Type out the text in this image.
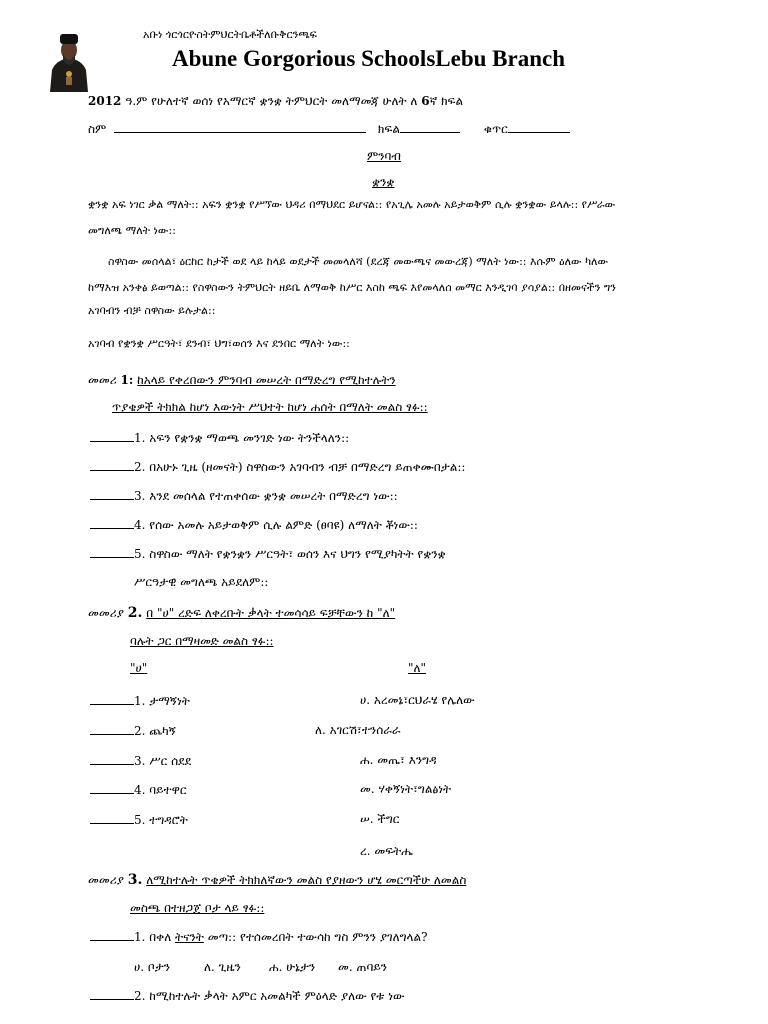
አቡነ ጎርጎርዮስትምህርትቤቶችለቡቅርንጫፍ
Abune Gorgorious SchoolsLebu Branch
2012 ዓ.ም የሁለተኛ ወሰነ የአማርኛ ቋንቋ ትምህርት መለማመጃ ሁለት ለ 6ኛ ክፍል
ስም	ክፍል	ቁጥር
ምንባብ
ቋንቋ
ቋንቋ አፍ ነገር ቃል ማለት:: አፍን ቋንቋ የሥኘው ህዳሪ በማህደር ይሆናል:: የአጊሌ አመሉ አይታወቅም ሲሉ ቋንቋው ይላሉ:: የሥራው
መግለጫ ማለት ነው::
ስዋስው መሰላል፣ ዕርከር ከታች ወደ ላይ ከላይ ወደታች መመላለሻ (ደረጃ መውጫና መውረጃ) ማለት ነው:: እሱም ዕለው ካለው
ከማእዝ አንቀፅ ይወጣል:: የስዋስውን ትምህርት ዘይቤ ለማወቅ ከሥር እስከ ጫፍ እየመላለሰ መማር እንዲገባ ያሳያል:: በዘመናችን ግን
አገባብን ብቻ ስዋስው ይሉታል::
አገባብ የቋንቋ ሥርዓት፣ ደንብ፣ ህግ፣ወሰን እና ደንበር ማለት ነው::
መመሪ 1: ከአላይ የቀረበውን ምንባብ መሠረት በማድረግ የሚከተሉትን
ጥያቄዎች ትክክል ከሆነ እውነት ሥህተት ከሆነ ሐሰት በማለት መልስ ፃፉ::
1. አፍን የቋንቋ ማወጫ መንገድ ነው ትንችላለን::
2. በአሁኑ ጊዜ (ዘመናት) ስዋስውን አገባብን ብቻ በማድረግ ይጠቀሙበታል::
3. እንደ መሰላል የተጠቀሰው ቋንቋ መሠረት በማድረግ ነው::
4. የሰው አመሉ አይታወቅም ሲሉ ልምድ (ፀባዩ) ለማለት ቾነው::
5. ስዋስው ማለት የቋንቋን ሥርዓት፣ ወሰን እና ህግን የሚያካትት የቋንቋ
ሥርዓታዊ መግለጫ አይደለም::
መመሪያ 2. በ "ሀ" ረድፍ ለቀረቡት ቃላት ተመሳሳይ ፍቻቸውን ከ "ለ"
ባሉት ጋር በማዛመድ መልስ ፃፉ::
"ሀ"	"ለ"
1. ታማኝነት
2. ጨካኝ
3. ሥር ሰደደ
4. ባይተዋር
5. ተግዳሮት
ሀ. አረመኔ፣ርህራሄ የሌለው
ለ. አገርሽ፣ተንሰራራ
ሐ. መጤ፣ እንግዳ
መ. ሃቀኝነት፣ግልፅነት
ሠ. ችግር
ረ. መፍትሔ
መመሪያ 3. ለሚከተሉት ጥቄዎች ትክክለኛውን መልስ የያዘውን ሆሄ መርጣችሁ ለመልስ
መስጫ በተዘጋጀ ቦታ ላይ ፃፉ::
1. በቀለ ትናንት መጣ:: የተሰመረበት ተውሳከ ግስ ምንን ያገለግላል?
ሀ. ቦታን	ለ. ጊዜን ሐ. ሁኔታን መ. ጠባይን
2. ከሚከተሉት ቃላት አምር አመልካች ምዕላድ ያለው የቱ ነው
